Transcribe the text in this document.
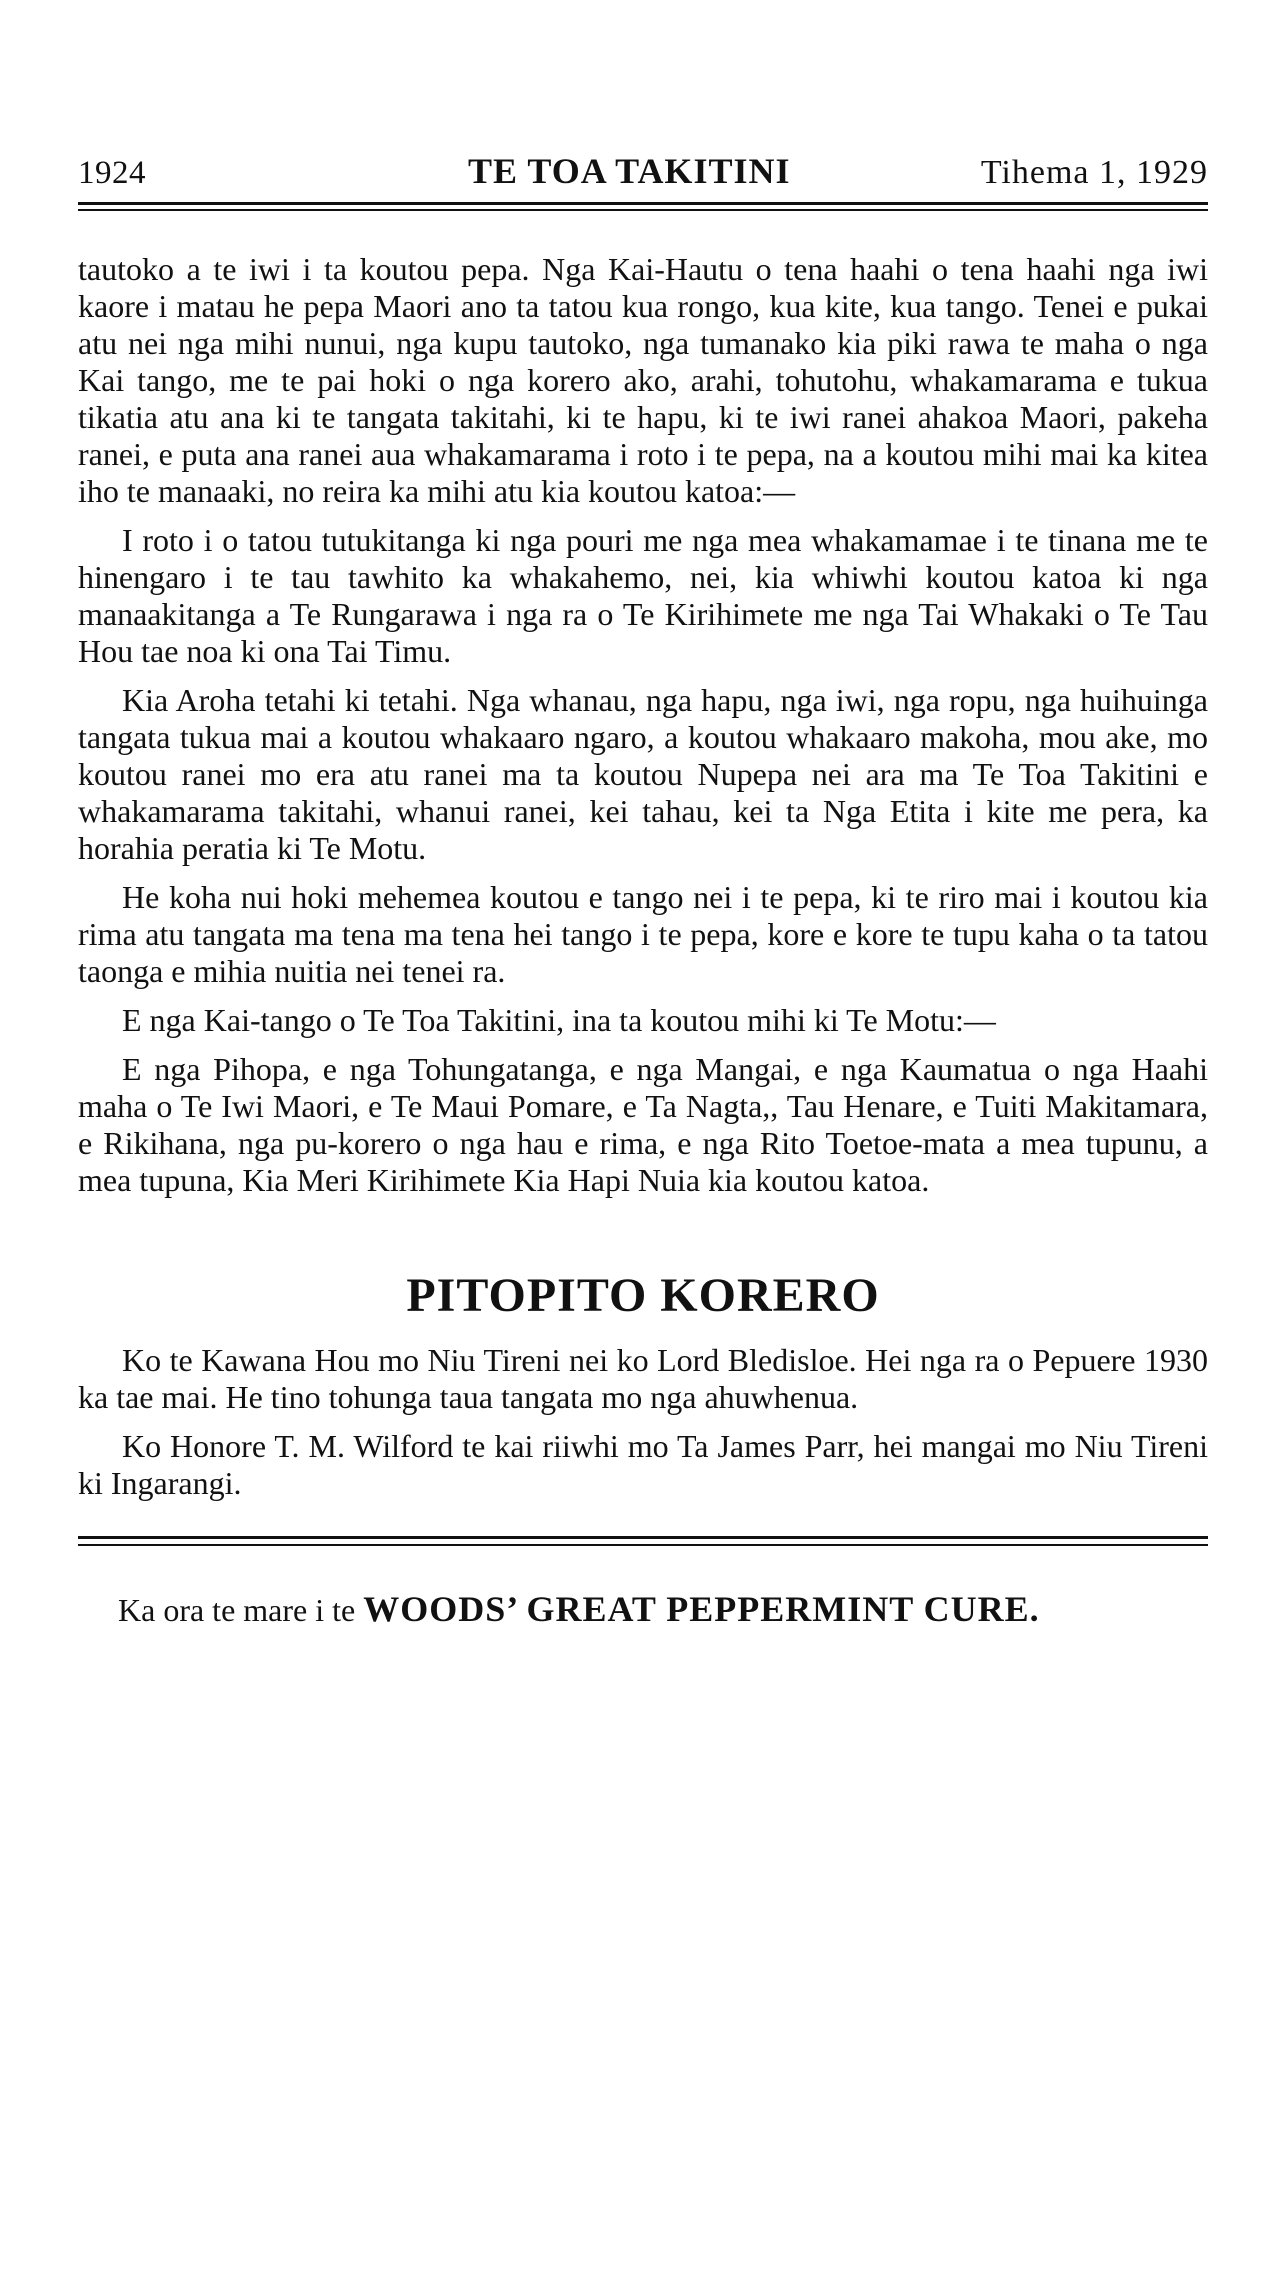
1924	TE TOA TAKITINI	Tihema 1, 1929

tautoko a te iwi i ta koutou pepa. Nga Kai-Hautu o tena haahi o tena haahi nga iwi kaore i matau he pepa Maori ano ta tatou kua rongo, kua kite, kua tango. Tenei e pukai atu nei nga mihi nunui, nga kupu tautoko, nga tumanako kia piki rawa te maha o nga Kai tango, me te pai hoki o nga korero ako, arahi, tohutohu, whakamarama e tukua tikatia atu ana ki te tangata takitahi, ki te hapu, ki te iwi ranei ahakoa Maori, pakeha ranei, e puta ana ranei aua whakamarama i roto i te pepa, na a koutou mihi mai ka kitea iho te manaaki, no reira ka mihi atu kia koutou katoa:—

I roto i o tatou tutukitanga ki nga pouri me nga mea whakamamae i te tinana me te hinengaro i te tau tawhito ka whakahemo, nei, kia whiwhi koutou katoa ki nga manaakitanga a Te Rungarawa i nga ra o Te Kirihimete me nga Tai Whakaki o Te Tau Hou tae noa ki ona Tai Timu.

Kia Aroha tetahi ki tetahi. Nga whanau, nga hapu, nga iwi, nga ropu, nga huihuinga tangata tukua mai a koutou whakaaro ngaro, a koutou whakaaro makoha, mou ake, mo koutou ranei mo era atu ranei ma ta koutou Nupepa nei ara ma Te Toa Takitini e whakamarama takitahi, whanui ranei, kei tahau, kei ta Nga Etita i kite me pera, ka horahia peratia ki Te Motu.

He koha nui hoki mehemea koutou e tango nei i te pepa, ki te riro mai i koutou kia rima atu tangata ma tena ma tena hei tango i te pepa, kore e kore te tupu kaha o ta tatou taonga e mihia nuitia nei tenei ra.

E nga Kai-tango o Te Toa Takitini, ina ta koutou mihi ki Te Motu:—

E nga Pihopa, e nga Tohungatanga, e nga Mangai, e nga Kaumatua o nga Haahi maha o Te Iwi Maori, e Te Maui Pomare, e Ta Nagta,, Tau Henare, e Tuiti Makitamara, e Rikihana, nga pu-korero o nga hau e rima, e nga Rito Toetoe-mata a mea tupunu, a mea tupuna, Kia Meri Kirihimete Kia Hapi Nuia kia koutou katoa.

PITOPITO KORERO

Ko te Kawana Hou mo Niu Tireni nei ko Lord Bledisloe. Hei nga ra o Pepuere 1930 ka tae mai. He tino tohunga taua tangata mo nga ahuwhenua.

Ko Honore T. M. Wilford te kai riiwhi mo Ta James Parr, hei mangai mo Niu Tireni ki Ingarangi.

Ka ora te mare i te WOODS’ GREAT PEPPERMINT CURE.
